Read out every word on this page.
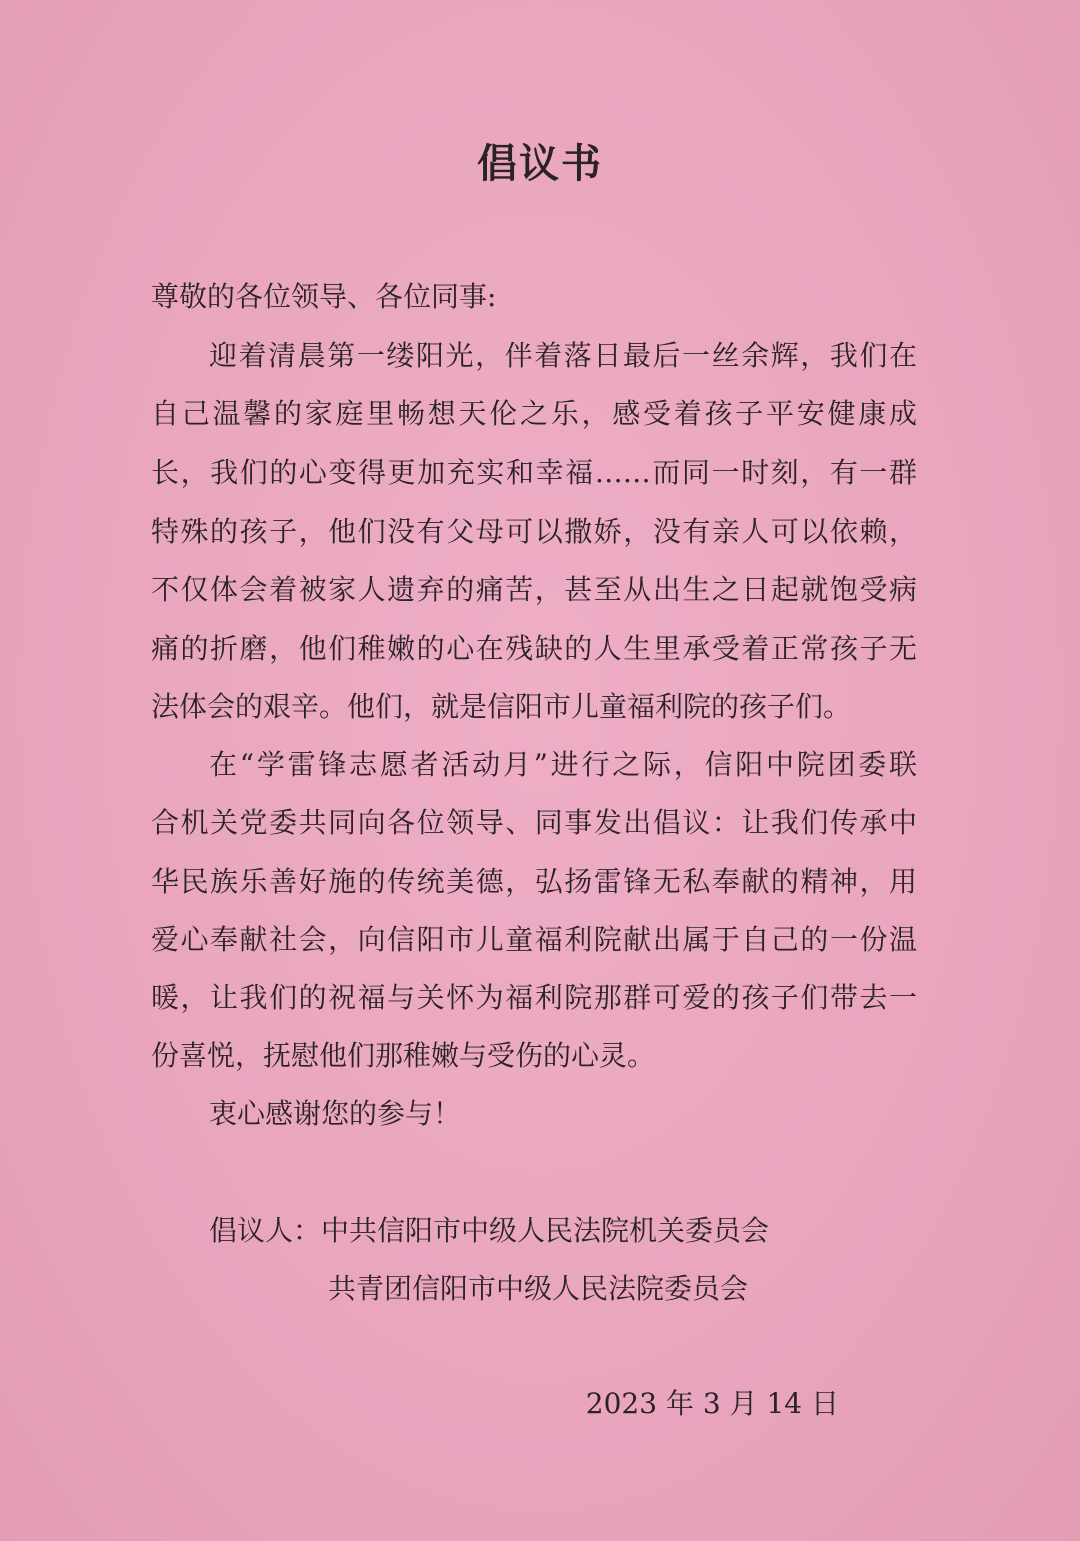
倡议书
尊敬的各位领导、各位同事:
迎着清晨第一缕阳光，伴着落日最后一丝余辉，我们在
自己温馨的家庭里畅想天伦之乐，感受着孩子平安健康成
长，我们的心变得更加充实和幸福……而同一时刻，有一群
特殊的孩子，他们没有父母可以撒娇，没有亲人可以依赖，
不仅体会着被家人遗弃的痛苦，甚至从出生之日起就饱受病
痛的折磨，他们稚嫩的心在残缺的人生里承受着正常孩子无
法体会的艰辛。他们，就是信阳市儿童福利院的孩子们。
在“学雷锋志愿者活动月”进行之际，信阳中院团委联
合机关党委共同向各位领导、同事发出倡议：让我们传承中
华民族乐善好施的传统美德，弘扬雷锋无私奉献的精神，用
爱心奉献社会，向信阳市儿童福利院献出属于自己的一份温
暖，让我们的祝福与关怀为福利院那群可爱的孩子们带去一
份喜悦，抚慰他们那稚嫩与受伤的心灵。
衷心感谢您的参与！
倡议人：中共信阳市中级人民法院机关委员会
共青团信阳市中级人民法院委员会
2023 年 3 月 14 日
